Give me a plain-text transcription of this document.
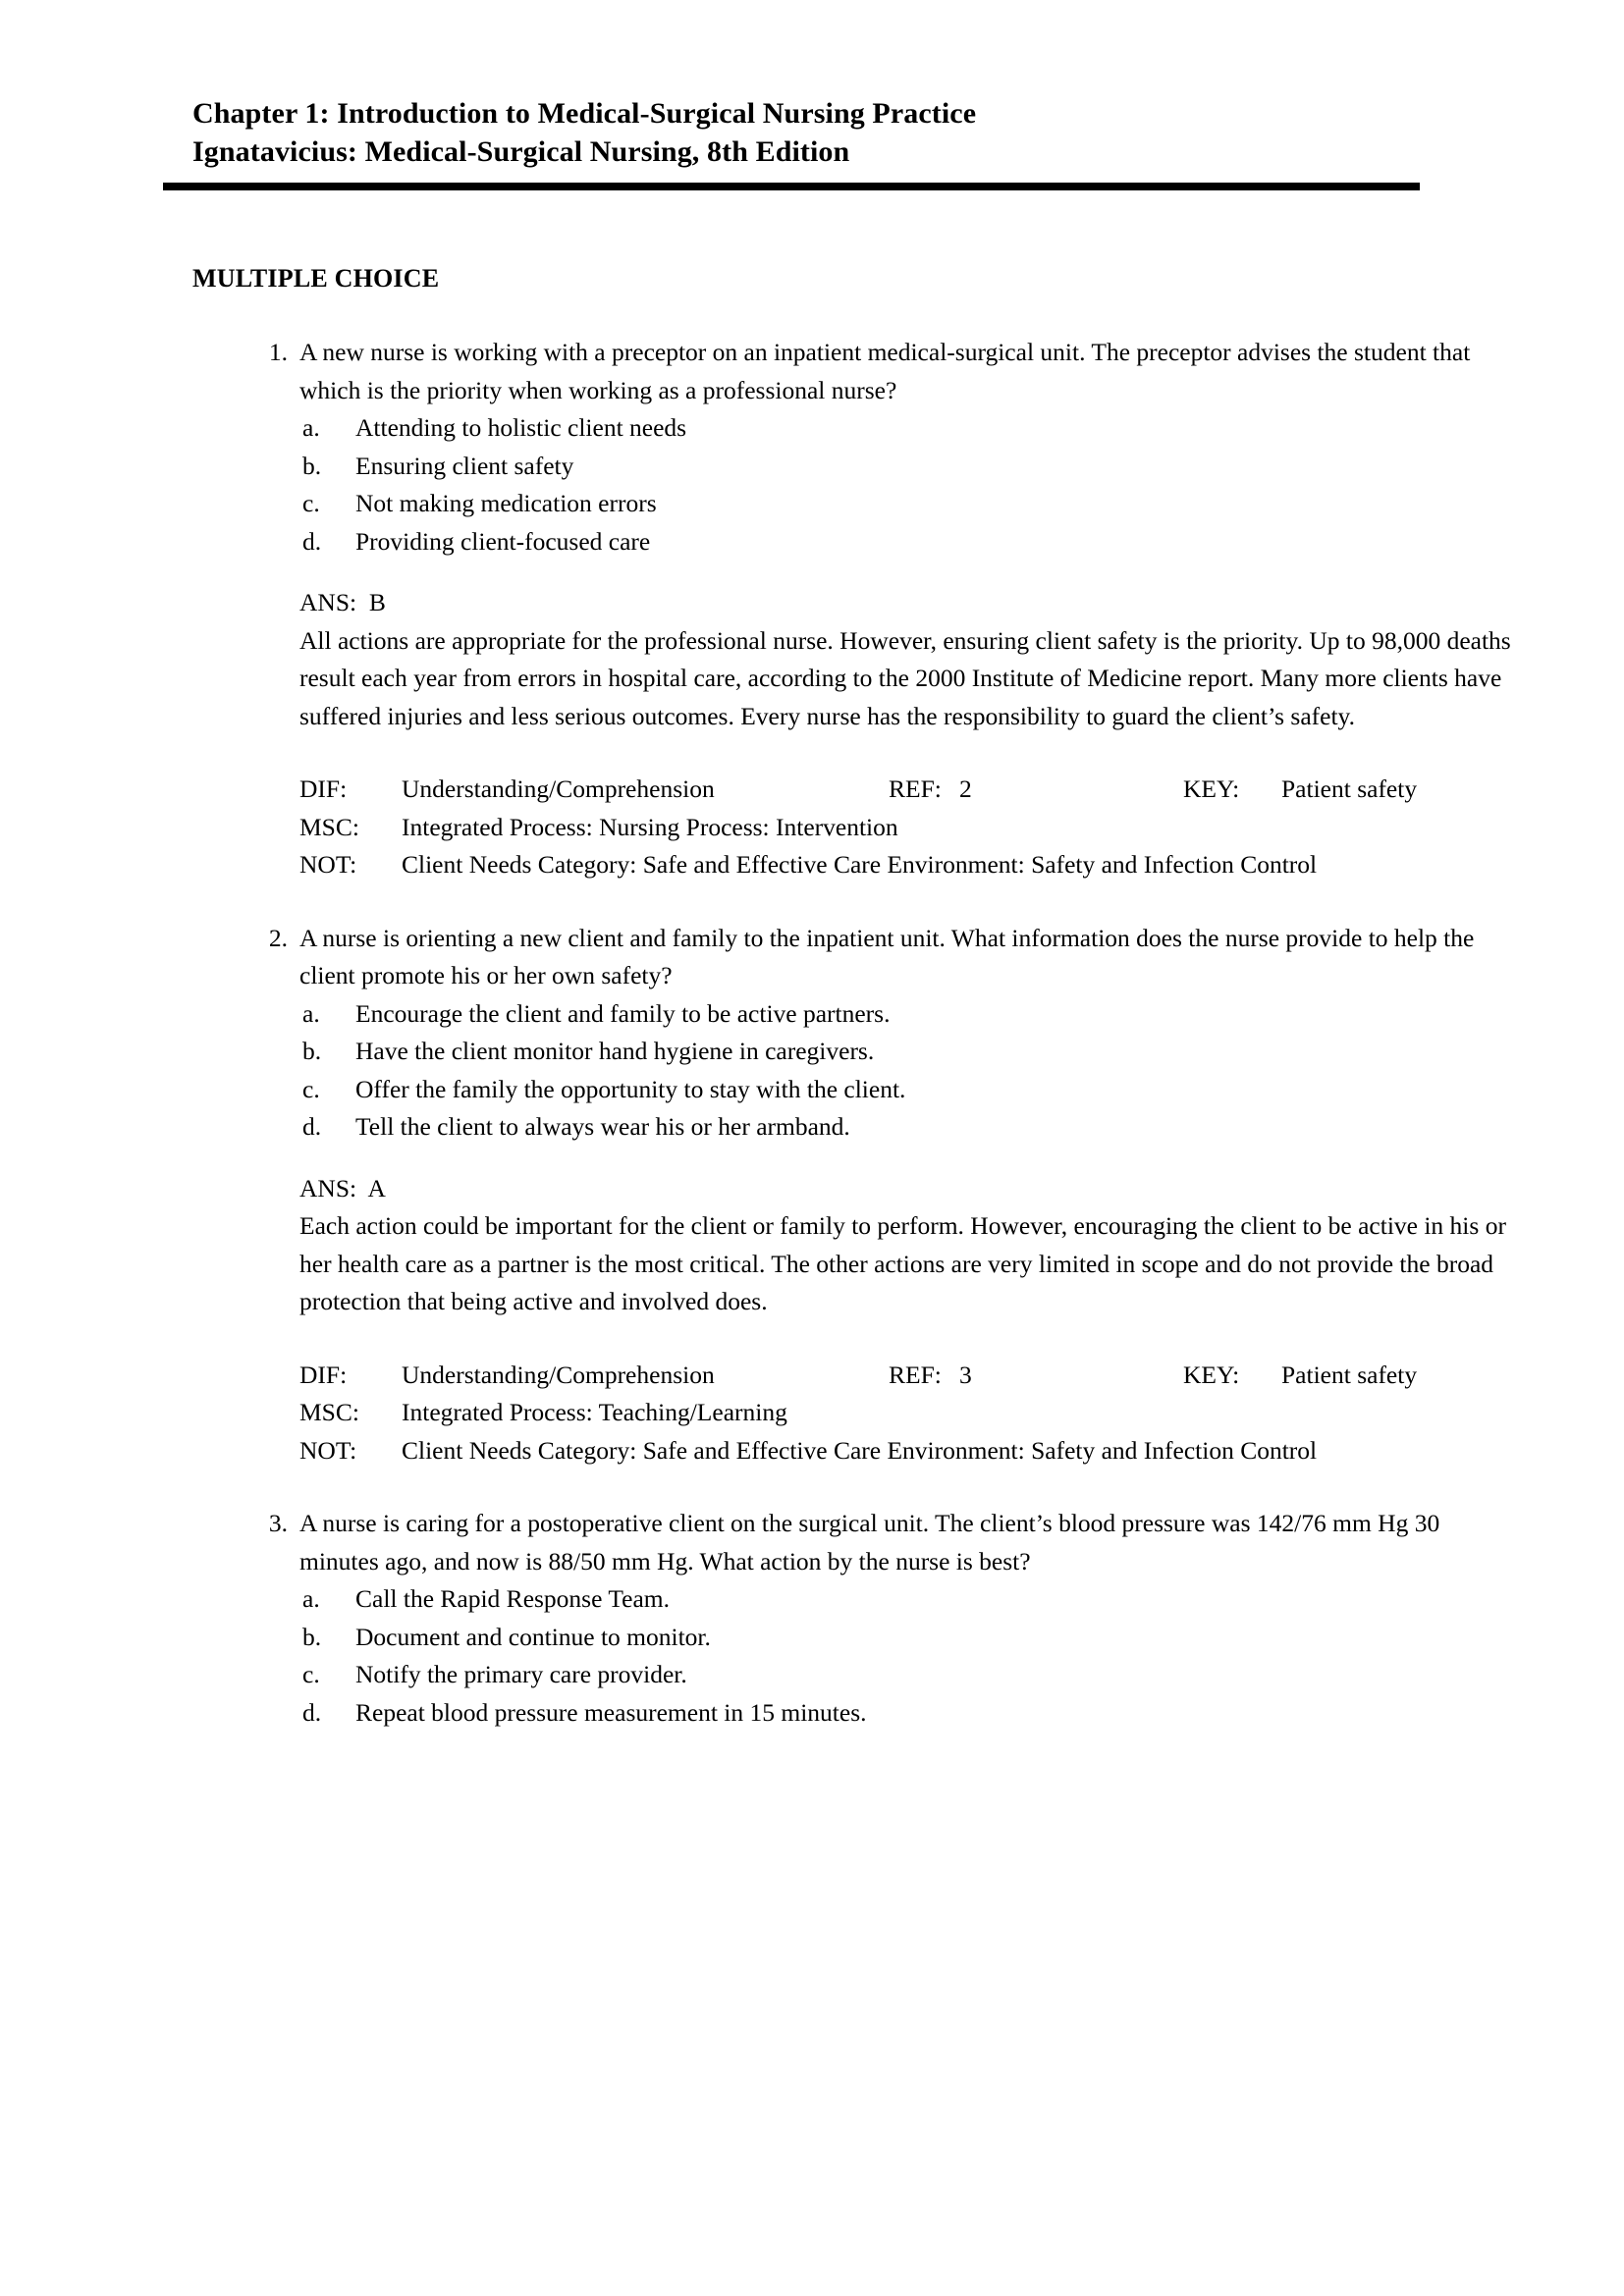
Chapter 1: Introduction to Medical-Surgical Nursing Practice
Ignatavicius: Medical-Surgical Nursing, 8th Edition
MULTIPLE CHOICE
1. A new nurse is working with a preceptor on an inpatient medical-surgical unit. The preceptor advises the student that which is the priority when working as a professional nurse?
a.	Attending to holistic client needs
b.	Ensuring client safety
c.	Not making medication errors
d.	Providing client-focused care
ANS: B
All actions are appropriate for the professional nurse. However, ensuring client safety is the priority. Up to 98,000 deaths result each year from errors in hospital care, according to the 2000 Institute of Medicine report. Many more clients have suffered injuries and less serious outcomes. Every nurse has the responsibility to guard the client’s safety.
DIF: Understanding/Comprehension	REF: 2	KEY: Patient safety
MSC: Integrated Process: Nursing Process: Intervention
NOT:	Client Needs Category: Safe and Effective Care Environment: Safety and Infection Control
2. A nurse is orienting a new client and family to the inpatient unit. What information does the nurse provide to help the client promote his or her own safety?
a.	Encourage the client and family to be active partners.
b.	Have the client monitor hand hygiene in caregivers.
c.	Offer the family the opportunity to stay with the client.
d.	Tell the client to always wear his or her armband.
ANS: A
Each action could be important for the client or family to perform. However, encouraging the client to be active in his or her health care as a partner is the most critical. The other actions are very limited in scope and do not provide the broad protection that being active and involved does.
DIF: Understanding/Comprehension	REF: 3	KEY: Patient safety
MSC: Integrated Process: Teaching/Learning
NOT:	Client Needs Category: Safe and Effective Care Environment: Safety and Infection Control
3. A nurse is caring for a postoperative client on the surgical unit. The client’s blood pressure was 142/76 mm Hg 30 minutes ago, and now is 88/50 mm Hg. What action by the nurse is best?
a.	Call the Rapid Response Team.
b.	Document and continue to monitor.
c.	Notify the primary care provider.
d.	Repeat blood pressure measurement in 15 minutes.
